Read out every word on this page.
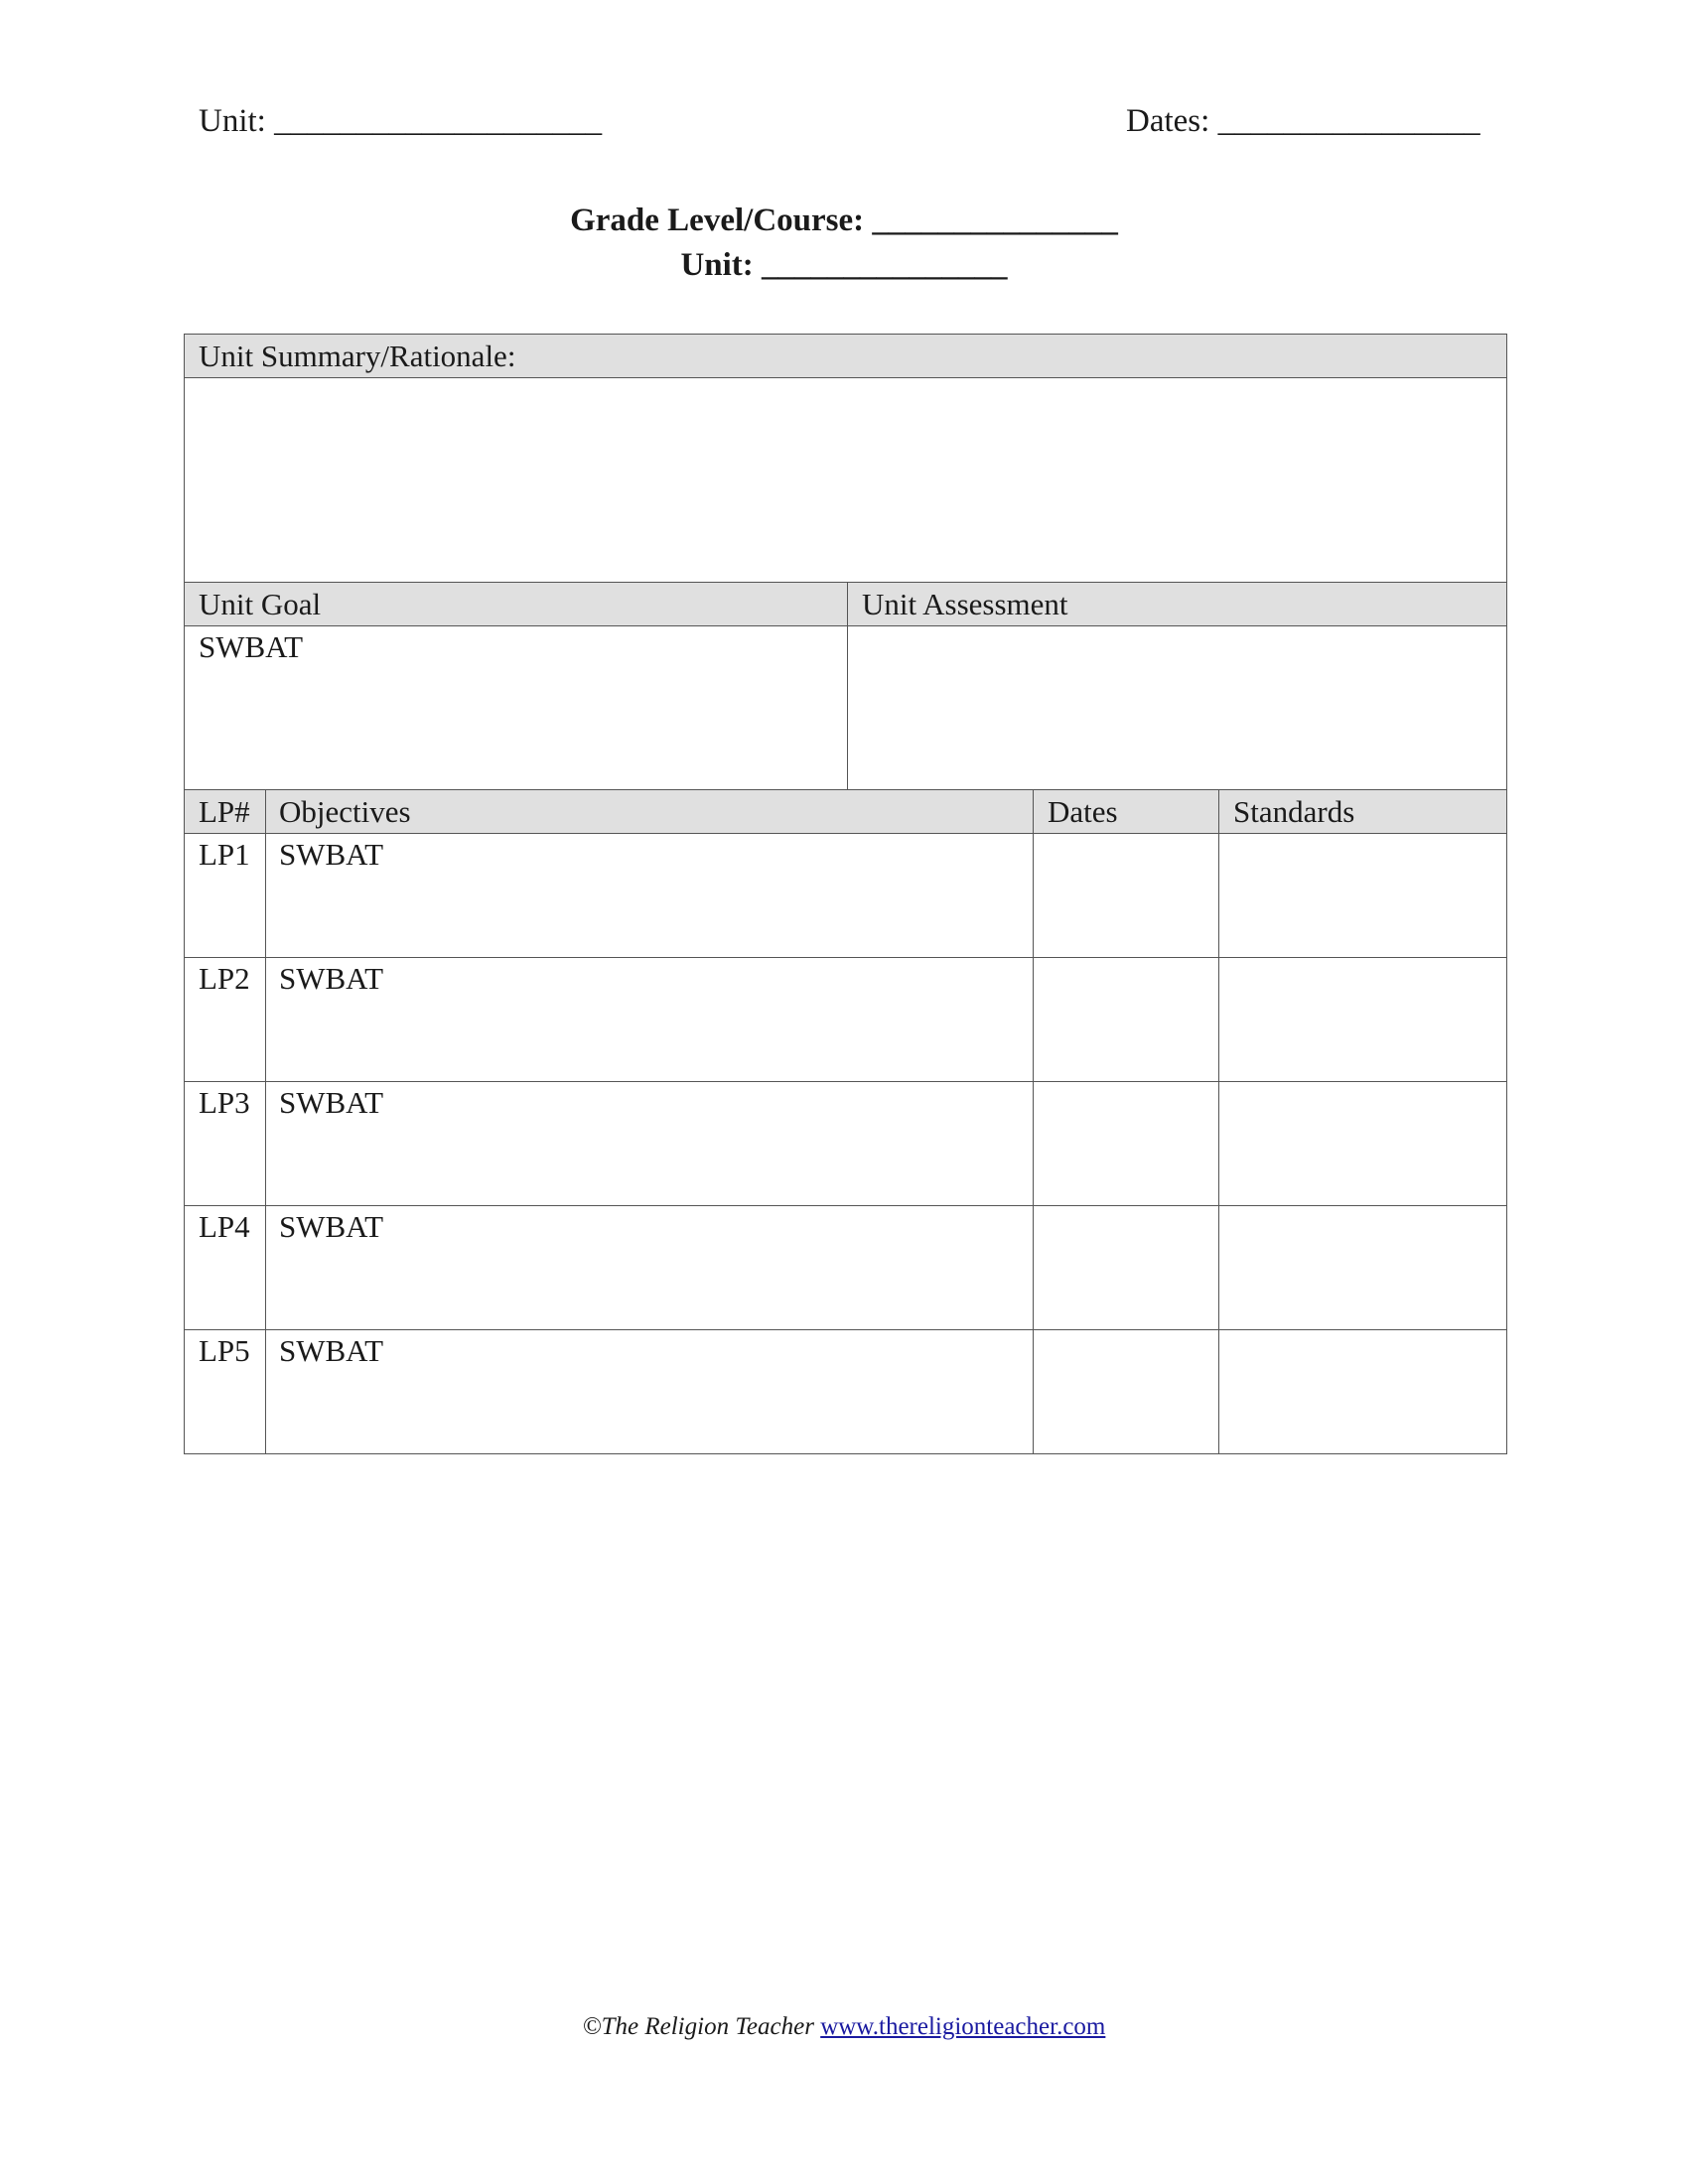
Unit: ____________________	Dates: ________________
Grade Level/Course: _______________
Unit: _______________
Unit Summary/Rationale:

Unit Goal	Unit Assessment
SWBAT	
LP#	Objectives	Dates	Standards
LP1	SWBAT		
LP2	SWBAT		
LP3	SWBAT		
LP4	SWBAT		
LP5	SWBAT		
©The Religion Teacher www.thereligionteacher.com
